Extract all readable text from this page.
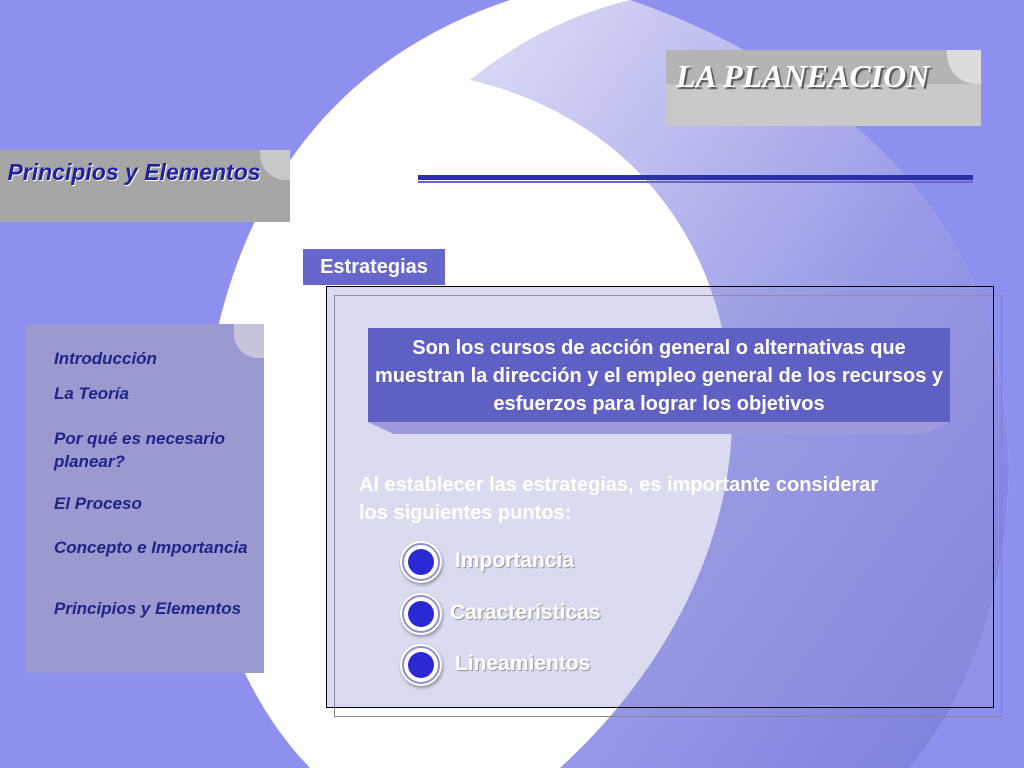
LA PLANEACION
Principios y Elementos
Estrategias
Introducción
La Teoría
Por qué es necesario planear?
El Proceso
Concepto e Importancia
Principios y Elementos
Son los cursos de acción general o alternativas que muestran la dirección y el empleo general de los recursos y esfuerzos para lograr los objetivos
Al establecer las estrategias, es importante considerar los siguientes puntos:
Importancia
Características
Lineamientos
